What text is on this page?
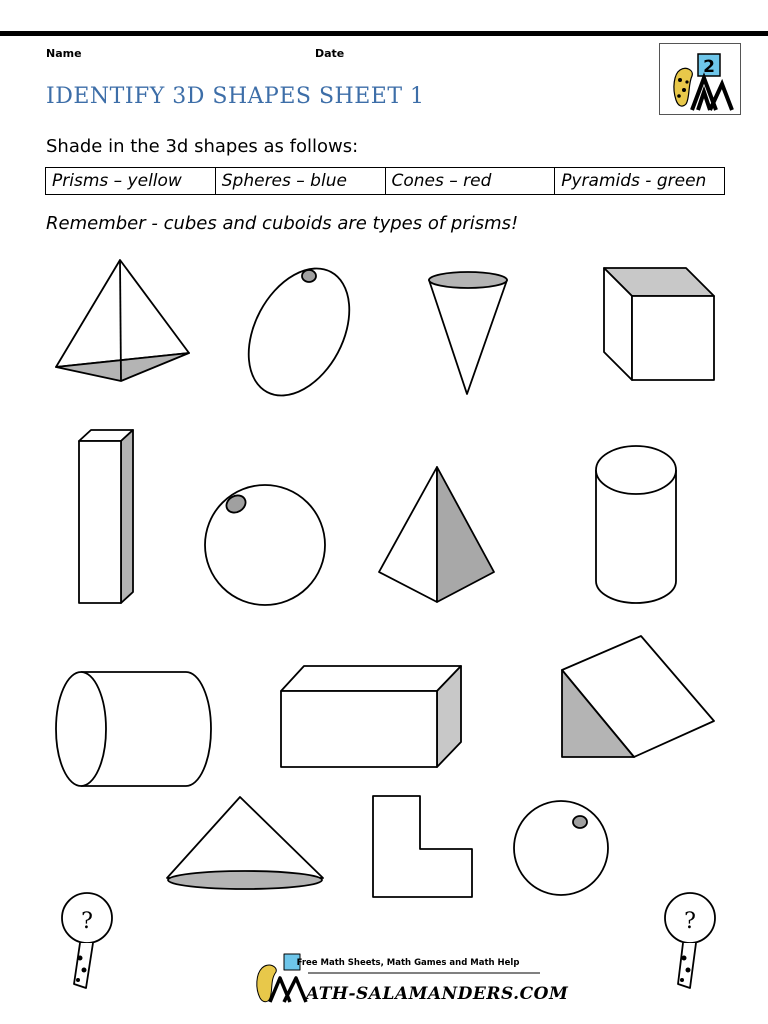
Name	Date
IDENTIFY 3D SHAPES SHEET 1
2
Shade in the 3d shapes as follows:
Prisms – yellow	Spheres – blue	Cones – red	Pyramids - green
Remember - cubes and cuboids are types of prisms!
?	?
Free Math Sheets, Math Games and Math Help
ATH-SALAMANDERS.COM
